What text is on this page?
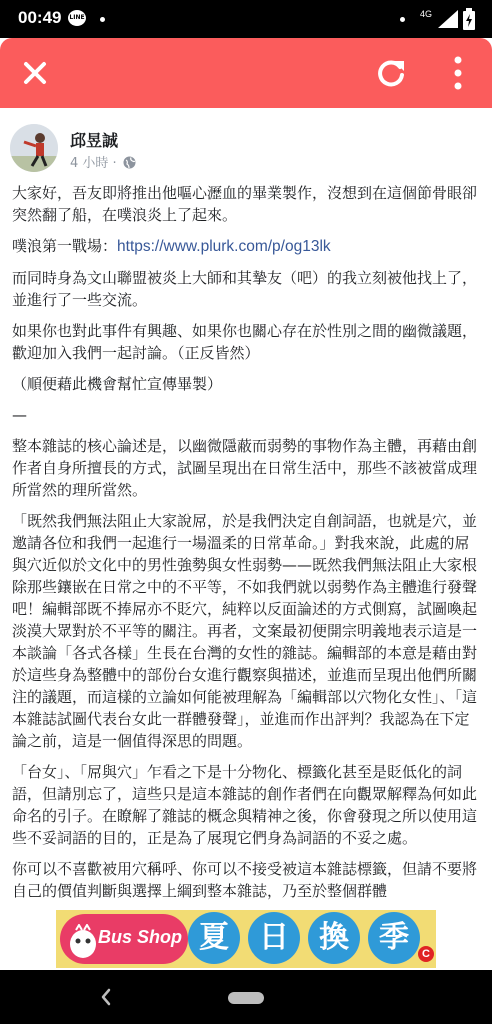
00:49 LINE	4G
邱昱誠
4 小時 ·

大家好，吾友即將推出他嘔心瀝血的畢業製作，沒想到在這個節骨眼卻突然翻了船，在噗浪炎上了起來。

噗浪第一戰場：https://www.plurk.com/p/og13lk

而同時身為文山聯盟被炎上大師和其摯友（吧）的我立刻被他找上了，並進行了一些交流。

如果你也對此事件有興趣、如果你也關心存在於性別之間的幽微議題，歡迎加入我們一起討論。（正反皆然）

（順便藉此機會幫忙宣傳畢製）

—

整本雜誌的核心論述是，以幽微隱蔽而弱勢的事物作為主體，再藉由創作者自身所擅長的方式，試圖呈現出在日常生活中，那些不該被當成理所當然的理所當然。

「既然我們無法阻止大家說屌，於是我們決定自創詞語，也就是穴，並邀請各位和我們一起進行一場溫柔的日常革命。」對我來說，此處的屌與穴近似於文化中的男性強勢與女性弱勢——既然我們無法阻止大家根除那些鑲嵌在日常之中的不平等，不如我們就以弱勢作為主體進行發聲吧！編輯部既不捧屌亦不貶穴，純粹以反面論述的方式側寫，試圖喚起淡漠大眾對於不平等的關注。再者，文案最初便開宗明義地表示這是一本談論「各式各樣」生長在台灣的女性的雜誌。編輯部的本意是藉由對於這些身為整體中的部份台女進行觀察與描述，並進而呈現出他們所關注的議題，而這樣的立論如何能被理解為「編輯部以穴物化女性」、「這本雜誌試圖代表台女此一群體發聲」，並進而作出評判？我認為在下定論之前，這是一個值得深思的問題。

「台女」、「屌與穴」乍看之下是十分物化、標籤化甚至是貶低化的詞語，但請別忘了，這些只是這本雜誌的創作者們在向觀眾解釋為何如此命名的引子。在瞭解了雜誌的概念與精神之後，你會發現之所以使用這些不妥詞語的目的，正是為了展現它們身為詞語的不妥之處。

你可以不喜歡被用穴稱呼、你可以不接受被這本雜誌標籤，但請不要將自己的價值判斷與選擇上綱到整本雜誌，乃至於整個群體

Bus Shop 夏	日	換	季	C
